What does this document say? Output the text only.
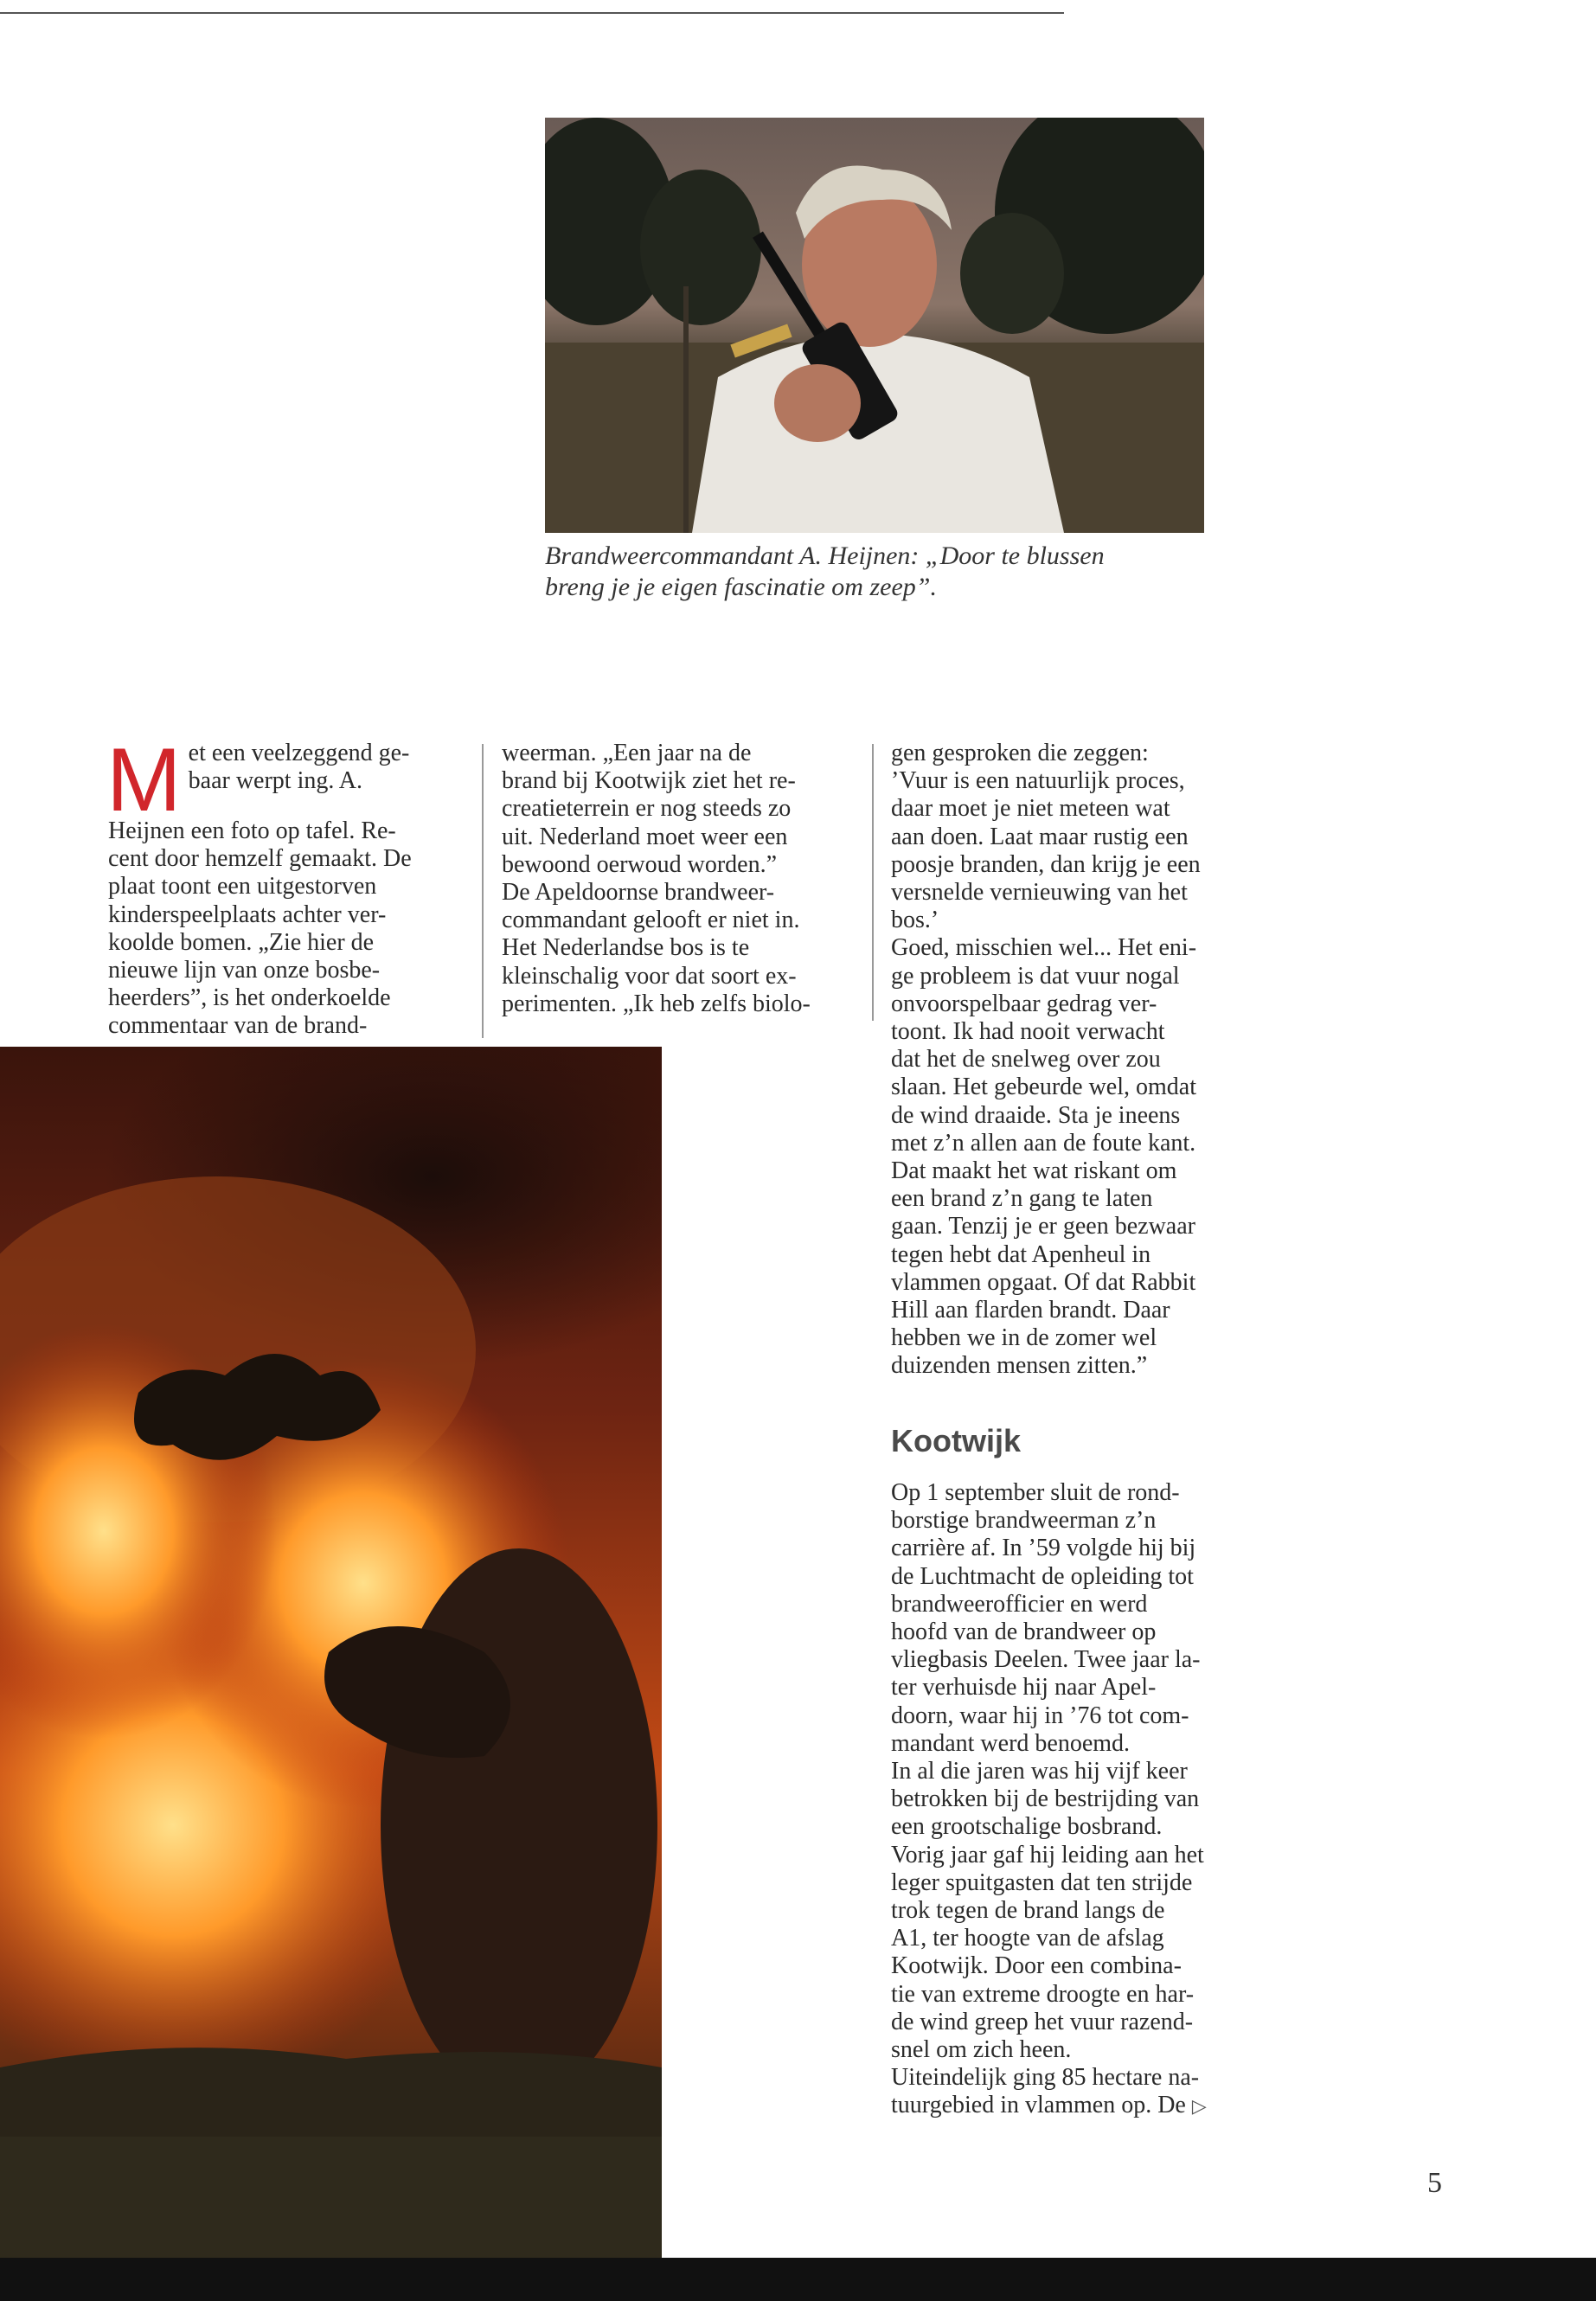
Brandweercommandant A. Heijnen: „Door te blussen
breng je je eigen fascinatie om zeep”.
M et een veelzeggend ge-
baar werpt ing. A.
Heijnen een foto op tafel. Re-
cent door hemzelf gemaakt. De
plaat toont een uitgestorven
kinderspeelplaats achter ver-
koolde bomen. „Zie hier de
nieuwe lijn van onze bosbe-
heerders”, is het onderkoelde
commentaar van de brand-
weerman. „Een jaar na de
brand bij Kootwijk ziet het re-
creatieterrein er nog steeds zo
uit. Nederland moet weer een
bewoond oerwoud worden.”
De Apeldoornse brandweer-
commandant gelooft er niet in.
Het Nederlandse bos is te
kleinschalig voor dat soort ex-
perimenten. „Ik heb zelfs biolo-
gen gesproken die zeggen:
’Vuur is een natuurlijk proces,
daar moet je niet meteen wat
aan doen. Laat maar rustig een
poosje branden, dan krijg je een
versnelde vernieuwing van het
bos.’
Goed, misschien wel... Het eni-
ge probleem is dat vuur nogal
onvoorspelbaar gedrag ver-
toont. Ik had nooit verwacht
dat het de snelweg over zou
slaan. Het gebeurde wel, omdat
de wind draaide. Sta je ineens
met z’n allen aan de foute kant.
Dat maakt het wat riskant om
een brand z’n gang te laten
gaan. Tenzij je er geen bezwaar
tegen hebt dat Apenheul in
vlammen opgaat. Of dat Rabbit
Hill aan flarden brandt. Daar
hebben we in de zomer wel
duizenden mensen zitten.”
Kootwijk
Op 1 september sluit de rond-
borstige brandweerman z’n
carrière af. In ’59 volgde hij bij
de Luchtmacht de opleiding tot
brandweerofficier en werd
hoofd van de brandweer op
vliegbasis Deelen. Twee jaar la-
ter verhuisde hij naar Apel-
doorn, waar hij in ’76 tot com-
mandant werd benoemd.
In al die jaren was hij vijf keer
betrokken bij de bestrijding van
een grootschalige bosbrand.
Vorig jaar gaf hij leiding aan het
leger spuitgasten dat ten strijde
trok tegen de brand langs de
A1, ter hoogte van de afslag
Kootwijk. Door een combina-
tie van extreme droogte en har-
de wind greep het vuur razend-
snel om zich heen.
Uiteindelijk ging 85 hectare na-
tuurgebied in vlammen op. De ▷
5
